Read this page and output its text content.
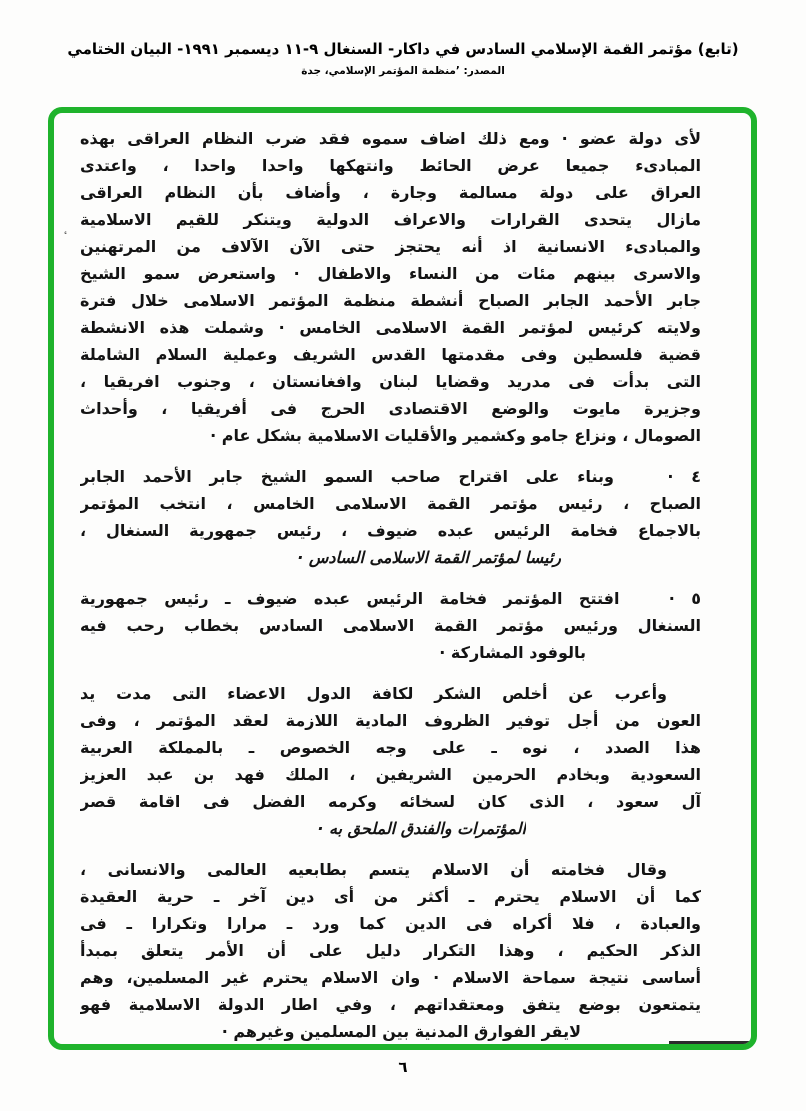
(تابع) مؤتمر القمة الإسلامي السادس في داكار- السنغال ٩-١١ ديسمبر ١٩٩١- البيان الختامي
المصدر: ’منظمة المؤتمر الإسلامي، جدة
ٴ
لأى دولة عضو · ومع ذلك اضاف سموه فقد ضرب النظام العراقى بهذه
المبادىء جميعا عرض الحائط وانتهكها واحدا واحدا ، واعتدى
العراق على دولة مسالمة وجارة ، وأضاف بأن النظام العراقى
مازال يتحدى القرارات والاعراف الدولية ويتنكر للقيم الاسلامية
والمبادىء الانسانية اذ أنه يحتجز حتى الآن الآلاف من المرتهنين
والاسرى بينهم مئات من النساء والاطفال · واستعرض سمو الشيخ
جابر الأحمد الجابر الصباح أنشطة منظمة المؤتمر الاسلامى خلال فترة
ولايته كرئيس لمؤتمر القمة الاسلامى الخامس · وشملت هذه الانشطة
قضية فلسطين وفى مقدمتها القدس الشريف وعملية السلام الشاملة
التى بدأت فى مدريد وقضايا لبنان وافغانستان ، وجنوب افريقيا ،
وجزيرة مايوت والوضع الاقتصادى الحرج فى أفريقيا ، وأحداث
الصومال ، ونزاع جامو وكشمير والأقليات الاسلامية بشكل عام ·
٤ ·   وبناء على اقتراح صاحب السمو الشيخ جابر الأحمد الجابر
الصباح ، رئيس مؤتمر القمة الاسلامى الخامس ، انتخب المؤتمر
بالاجماع فخامة الرئيس عبده ضيوف ، رئيس جمهورية السنغال ،
رئيسا لمؤتمر القمة الاسلامى السادس ·
٥ ·   افتتح المؤتمر فخامة الرئيس عبده ضيوف ـ رئيس جمهورية
السنغال ورئيس مؤتمر القمة الاسلامى السادس بخطاب رحب فيه
بالوفود المشاركة ·
وأعرب عن أخلص الشكر لكافة الدول الاعضاء التى مدت يد
العون من أجل توفير الظروف المادية اللازمة لعقد المؤتمر ، وفى
هذا الصدد ، نوه ـ على وجه الخصوص ـ بالمملكة العربية
السعودية وبخادم الحرمين الشريفين ، الملك فهد بن عبد العزيز
آل سعود ، الذى كان لسخائه وكرمه الفضل فى اقامة قصر
المؤتمرات والفندق الملحق به ·
وقال فخامته أن الاسلام يتسم بطابعيه العالمى والانسانى ،
كما أن الاسلام يحترم ـ أكثر من أى دين آخر ـ حرية العقيدة
والعبادة ، فلا أكراه فى الدين كما ورد ـ مرارا وتكرارا ـ فى
الذكر الحكيم ، وهذا التكرار دليل على أن الأمر يتعلق بمبدأ
أساسى نتيجة سماحة الاسلام · وان الاسلام يحترم غير المسلمين، وهم
يتمتعون بوضع يتفق ومعتقداتهم ، وفي اطار الدولة الاسلامية فهو
لايقر الفوارق المدنية بين المسلمين وغيرهم ·
٦
